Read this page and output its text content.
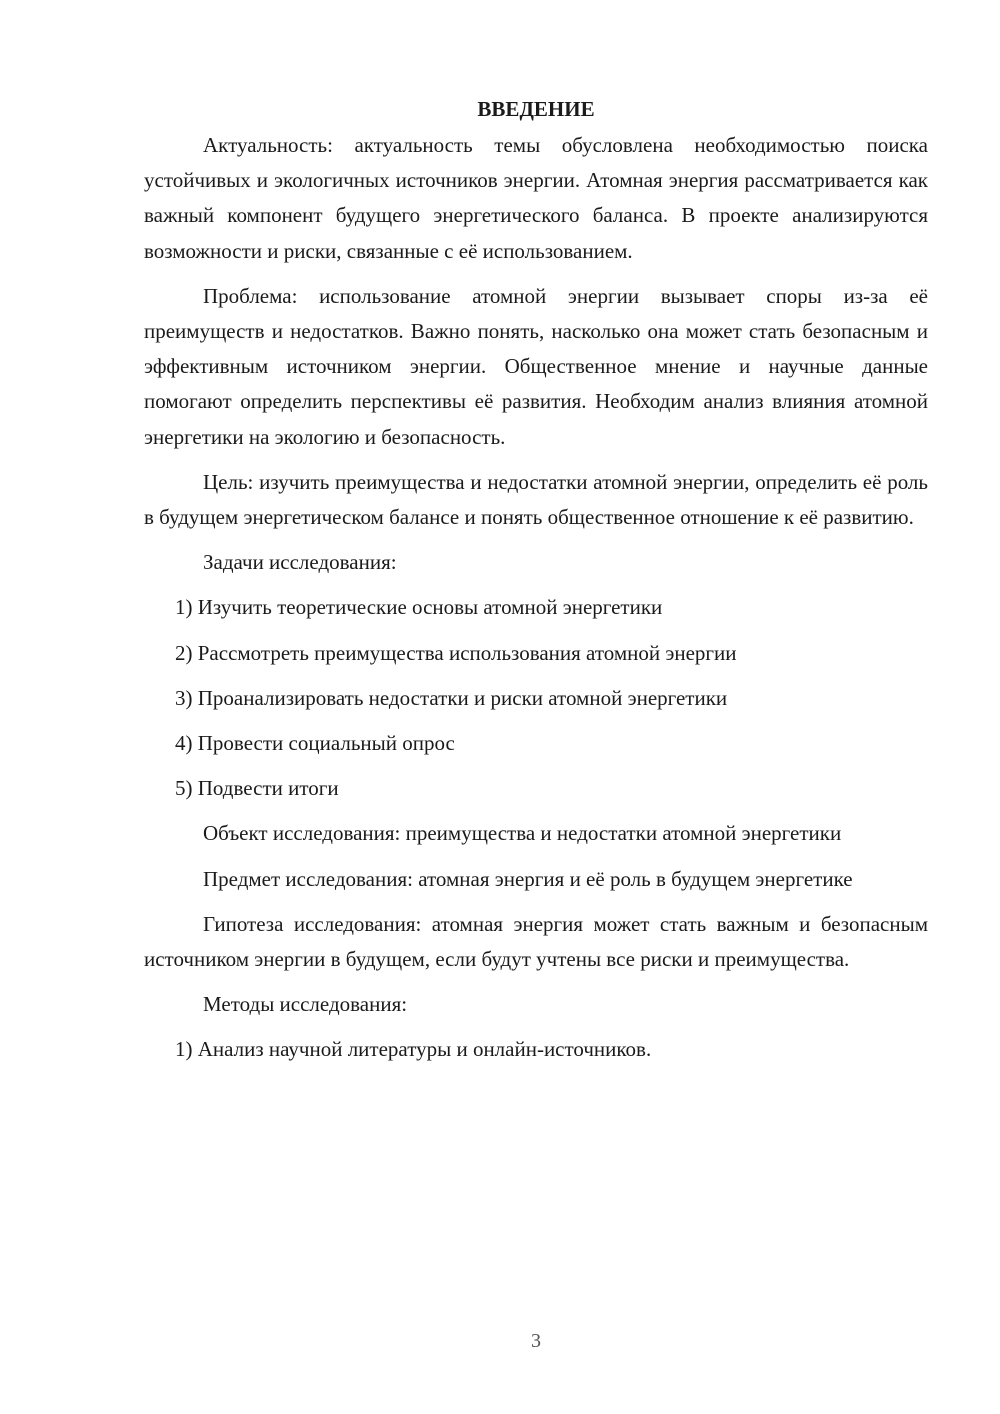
ВВЕДЕНИЕ

Актуальность: актуальность темы обусловлена необходимостью поиска устойчивых и экологичных источников энергии. Атомная энергия рассматривается как важный компонент будущего энергетического баланса. В проекте анализируются возможности и риски, связанные с её использованием.

Проблема: использование атомной энергии вызывает споры из-за её преимуществ и недостатков. Важно понять, насколько она может стать безопасным и эффективным источником энергии. Общественное мнение и научные данные помогают определить перспективы её развития. Необходим анализ влияния атомной энергетики на экологию и безопасность.

Цель: изучить преимущества и недостатки атомной энергии, определить её роль в будущем энергетическом балансе и понять общественное отношение к её развитию.

Задачи исследования:

1) Изучить теоретические основы атомной энергетики
2) Рассмотреть преимущества использования атомной энергии
3) Проанализировать недостатки и риски атомной энергетики
4) Провести социальный опрос
5) Подвести итоги

Объект исследования: преимущества и недостатки атомной энергетики

Предмет исследования: атомная энергия и её роль в будущем энергетике

Гипотеза исследования: атомная энергия может стать важным и безопасным источником энергии в будущем, если будут учтены все риски и преимущества.

Методы исследования:

1) Анализ научной литературы и онлайн-источников.
3
